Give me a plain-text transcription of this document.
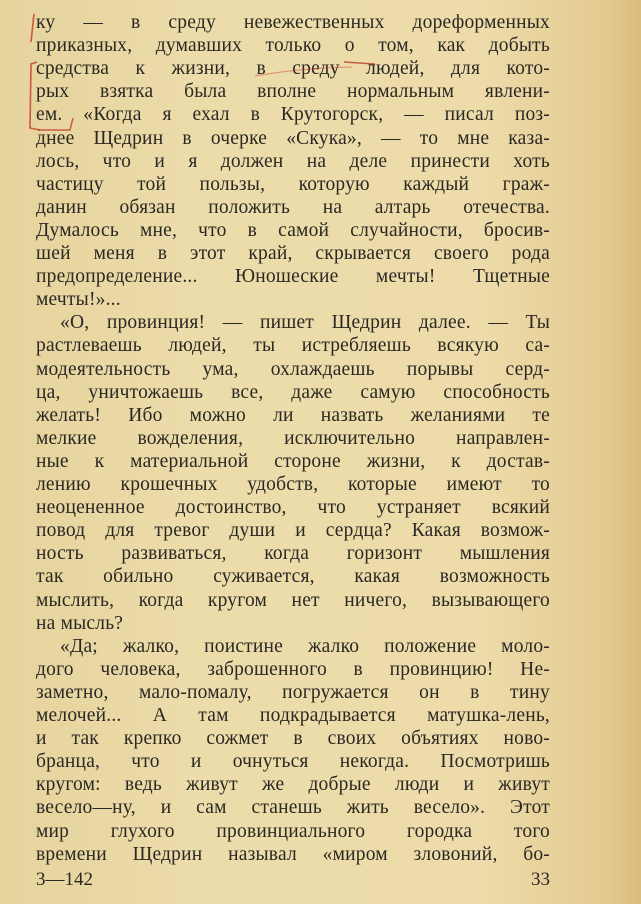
ку — в среду невежественных дореформенных
приказных, думавших только о том, как добыть
средства к жизни, в среду людей, для кото-
рых взятка была вполне нормальным явлени-
ем. «Когда я ехал в Крутогорск, — писал поз-
днее Щедрин в очерке «Скука», — то мне каза-
лось, что и я должен на деле принести хоть
частицу той пользы, которую каждый граж-
данин обязан положить на алтарь отечества.
Думалось мне, что в самой случайности, бросив-
шей меня в этот край, скрывается своего рода
предопределение... Юношеские мечты! Тщетные
мечты!»...
«О, провинция! — пишет Щедрин далее. — Ты
растлеваешь людей, ты истребляешь всякую са-
модеятельность ума, охлаждаешь порывы серд-
ца, уничтожаешь все, даже самую способность
желать! Ибо можно ли назвать желаниями те
мелкие вожделения, исключительно направлен-
ные к материальной стороне жизни, к достав-
лению крошечных удобств, которые имеют то
неоцененное достоинство, что устраняет всякий
повод для тревог души и сердца? Какая возмож-
ность развиваться, когда горизонт мышления
так обильно суживается, какая возможность
мыслить, когда кругом нет ничего, вызывающего
на мысль?
«Да; жалко, поистине жалко положение моло-
дого человека, заброшенного в провинцию! Не-
заметно, мало-помалу, погружается он в тину
мелочей... А там подкрадывается матушка-лень,
и так крепко сожмет в своих объятиях ново-
бранца, что и очнуться некогда. Посмотришь
кругом: ведь живут же добрые люди и живут
весело—ну, и сам станешь жить весело». Этот
мир глухого провинциального городка того
времени Щедрин называл «миром зловоний, бо-
3—142	33
